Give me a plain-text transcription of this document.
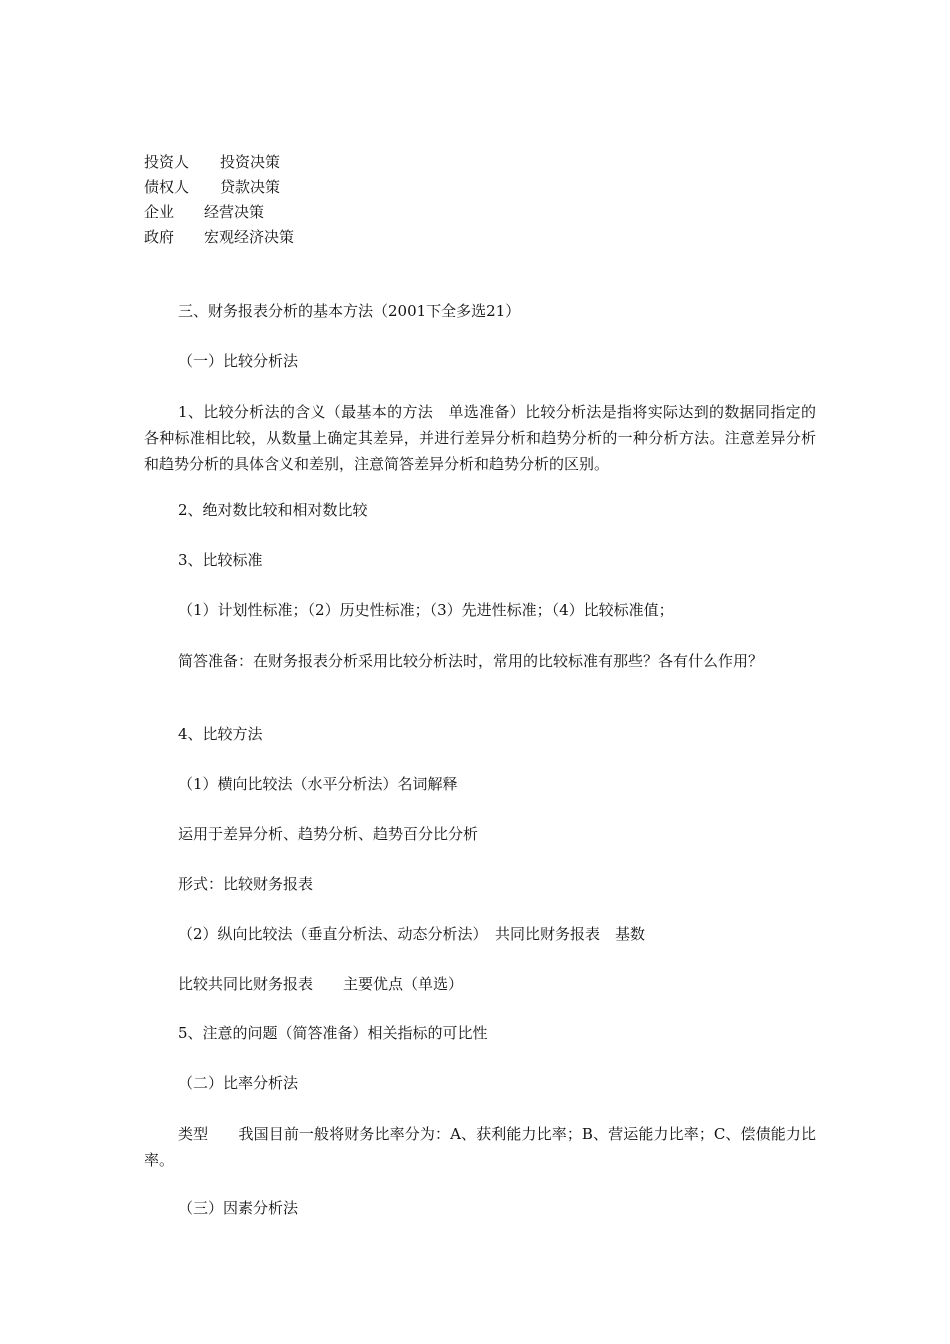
投资人 投资决策
债权人 贷款决策
企业 经营决策
政府 宏观经济决策
三、财务报表分析的基本方法（2001下全多选21）
（一）比较分析法
1、比较分析法的含义（最基本的方法　单选准备）比较分析法是指将实际达到的数据同指定的各种标准相比较，从数量上确定其差异，并进行差异分析和趋势分析的一种分析方法。注意差异分析和趋势分析的具体含义和差别，注意简答差异分析和趋势分析的区别。
2、绝对数比较和相对数比较
3、比较标准
（1）计划性标准；（2）历史性标准；（3）先进性标准；（4）比较标准值；
简答准备：在财务报表分析采用比较分析法时，常用的比较标准有那些？各有什么作用？
4、比较方法
（1）横向比较法（水平分析法）名词解释
运用于差异分析、趋势分析、趋势百分比分析
形式：比较财务报表
（2）纵向比较法（垂直分析法、动态分析法）　共同比财务报表　基数
比较共同比财务报表　　主要优点（单选）
5、注意的问题（简答准备）相关指标的可比性
（二）比率分析法
类型　　我国目前一般将财务比率分为：A、获利能力比率；B、营运能力比率；C、偿债能力比率。
（三）因素分析法
